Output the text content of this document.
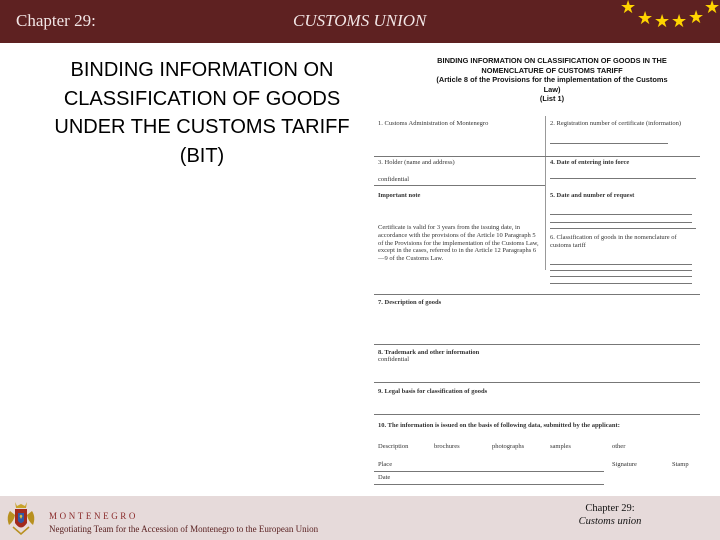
Chapter 29:	CUSTOMS UNION
★
★ ★ ★ ★ ★
BINDING INFORMATION ON CLASSIFICATION OF GOODS UNDER THE CUSTOMS TARIFF (BIT)
BINDING INFORMATION ON CLASSIFICATION OF GOODS IN THE
NOMENCLATURE OF CUSTOMS TARIFF
(Article 8 of the Provisions for the implementation of the Customs
Law)
(List 1)
1. Customs Administration of Montenegro	2. Registration number of certificate (information)
3. Holder (name and address)	4. Date of entering into force
confidential
Important note	5. Date and number of request
Certificate is valid for 3 years from the issuing date, in accordance with the provisions of the Article 10 Paragraph 5 of the Provisions for the implementation of the Customs Law, except in the cases, referred to in the Article 12 Paragraphs 6—9 of the Customs Law.
6. Classification of goods in the nomenclature of customs tariff
7. Description of goods
8. Trademark and other information
confidential
9. Legal basis for classification of goods
10. The information is issued on the basis of following data, submitted by the applicant:
Description	brochures	photographs	samples	other
Place	Signature	Stamp
Date
MONTENEGRO
Negotiating Team for the Accession of Montenegro to the European Union
Chapter 29:
Customs union
